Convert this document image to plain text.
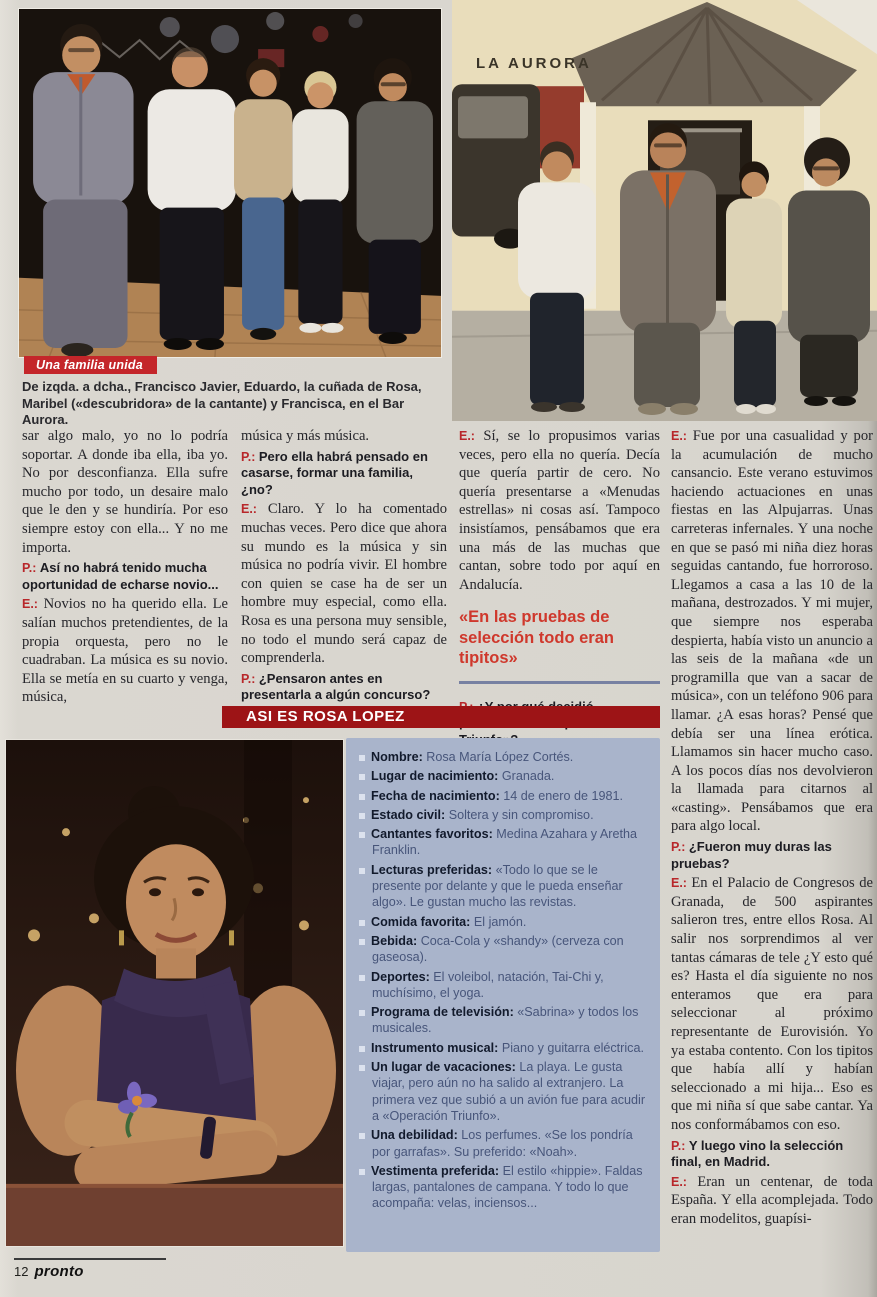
LA AURORA
Una familia unida
De izqda. a dcha., Francisco Javier, Eduardo, la cuñada de Rosa, Maribel («descubridora» de la cantante) y Francisca, en el Bar Aurora.

sar algo malo, yo no lo podría soportar. A donde iba ella, iba yo. No por desconfianza. Ella sufre mucho por todo, un desaire malo que le den y se hundiría. Por eso siempre estoy con ella... Y no me importa.

P.: Así no habrá tenido mucha oportunidad de echarse novio...

E.: Novios no ha querido ella. Le salían muchos pretendientes, de la propia orquesta, pero no le cuadraban. La música es su novio. Ella se metía en su cuarto y venga, música,

música y más música.

P.: Pero ella habrá pensado en casarse, formar una familia, ¿no?

E.: Claro. Y lo ha comentado muchas veces. Pero dice que ahora su mundo es la música y sin música no podría vivir. El hombre con quien se case ha de ser un hombre muy especial, como ella. Rosa es una persona muy sensible, no todo el mundo será capaz de comprenderla.

P.: ¿Pensaron antes en presentarla a algún concurso?

E.: Sí, se lo propusimos varias veces, pero ella no quería. Decía que quería partir de cero. No quería presentarse a «Menudas estrellas» ni cosas así. Tampoco insistíamos, pensábamos que era una más de las muchas que cantan, sobre todo por aquí en Andalucía.

«En las pruebas de selección todo eran tipitos»

E.: Fue por una casualidad y por la acumulación de mucho cansancio. Este verano estuvimos haciendo actuaciones en unas fiestas en las Alpujarras. Unas carreteras infernales. Y una noche en que se pasó mi niña diez horas seguidas cantando, fue horroroso. Llegamos a casa a las 10 de la mañana, destrozados. Y mi mujer, que siempre nos esperaba despierta, había visto un anuncio a las seis de la mañana «de un programilla que van a sacar de música», con un teléfono 906 para llamar. ¿A esas horas? Pensé que debía ser una línea erótica. Llamamos sin hacer mucho caso. A los pocos días nos devolvieron la llamada para citarnos al «casting». Pensábamos que era para algo local.

P.: ¿Fueron muy duras las pruebas?

E.: En el Palacio de Congresos de Granada, de 500 aspirantes salieron tres, entre ellos Rosa. Al salir nos sorprendimos al ver tantas cámaras de tele ¿Y esto qué es? Hasta el día siguiente no nos enteramos que era para seleccionar al próximo representante de Eurovisión. Yo ya estaba contento. Con los tipitos que había allí y habían seleccionado a mi hija... Eso es que mi niña sí que sabe cantar. Ya nos conformábamos con eso.

P.: Y luego vino la selección final, en Madrid.

E.: Eran un centenar, de toda España. Y ella acomplejada. Todo eran modelitos, guapísi-

ASI ES ROSA LOPEZ
Nombre: Rosa María López Cortés.
Lugar de nacimiento: Granada.
Fecha de nacimiento: 14 de enero de 1981.
Estado civil: Soltera y sin compromiso.
Cantantes favoritos: Medina Azahara y Aretha Franklin.
Lecturas preferidas: «Todo lo que se le presente por delante y que le pueda enseñar algo». Le gustan mucho las revistas.
Comida favorita: El jamón.
Bebida: Coca-Cola y «shandy» (cerveza con gaseosa).
Deportes: El voleibol, natación, Tai-Chi y, muchísimo, el yoga.
Programa de televisión: «Sabrina» y todos los musicales.
Instrumento musical: Piano y guitarra eléctrica.
Un lugar de vacaciones: La playa. Le gusta viajar, pero aún no ha salido al extranjero. La primera vez que subió a un avión fue para acudir a «Operación Triunfo».
Una debilidad: Los perfumes. «Se los pondría por garrafas». Su preferido: «Noah».
Vestimenta preferida: El estilo «hippie». Faldas largas, pantalones de campana. Y todo lo que acompaña: velas, inciensos...
12 pronto
